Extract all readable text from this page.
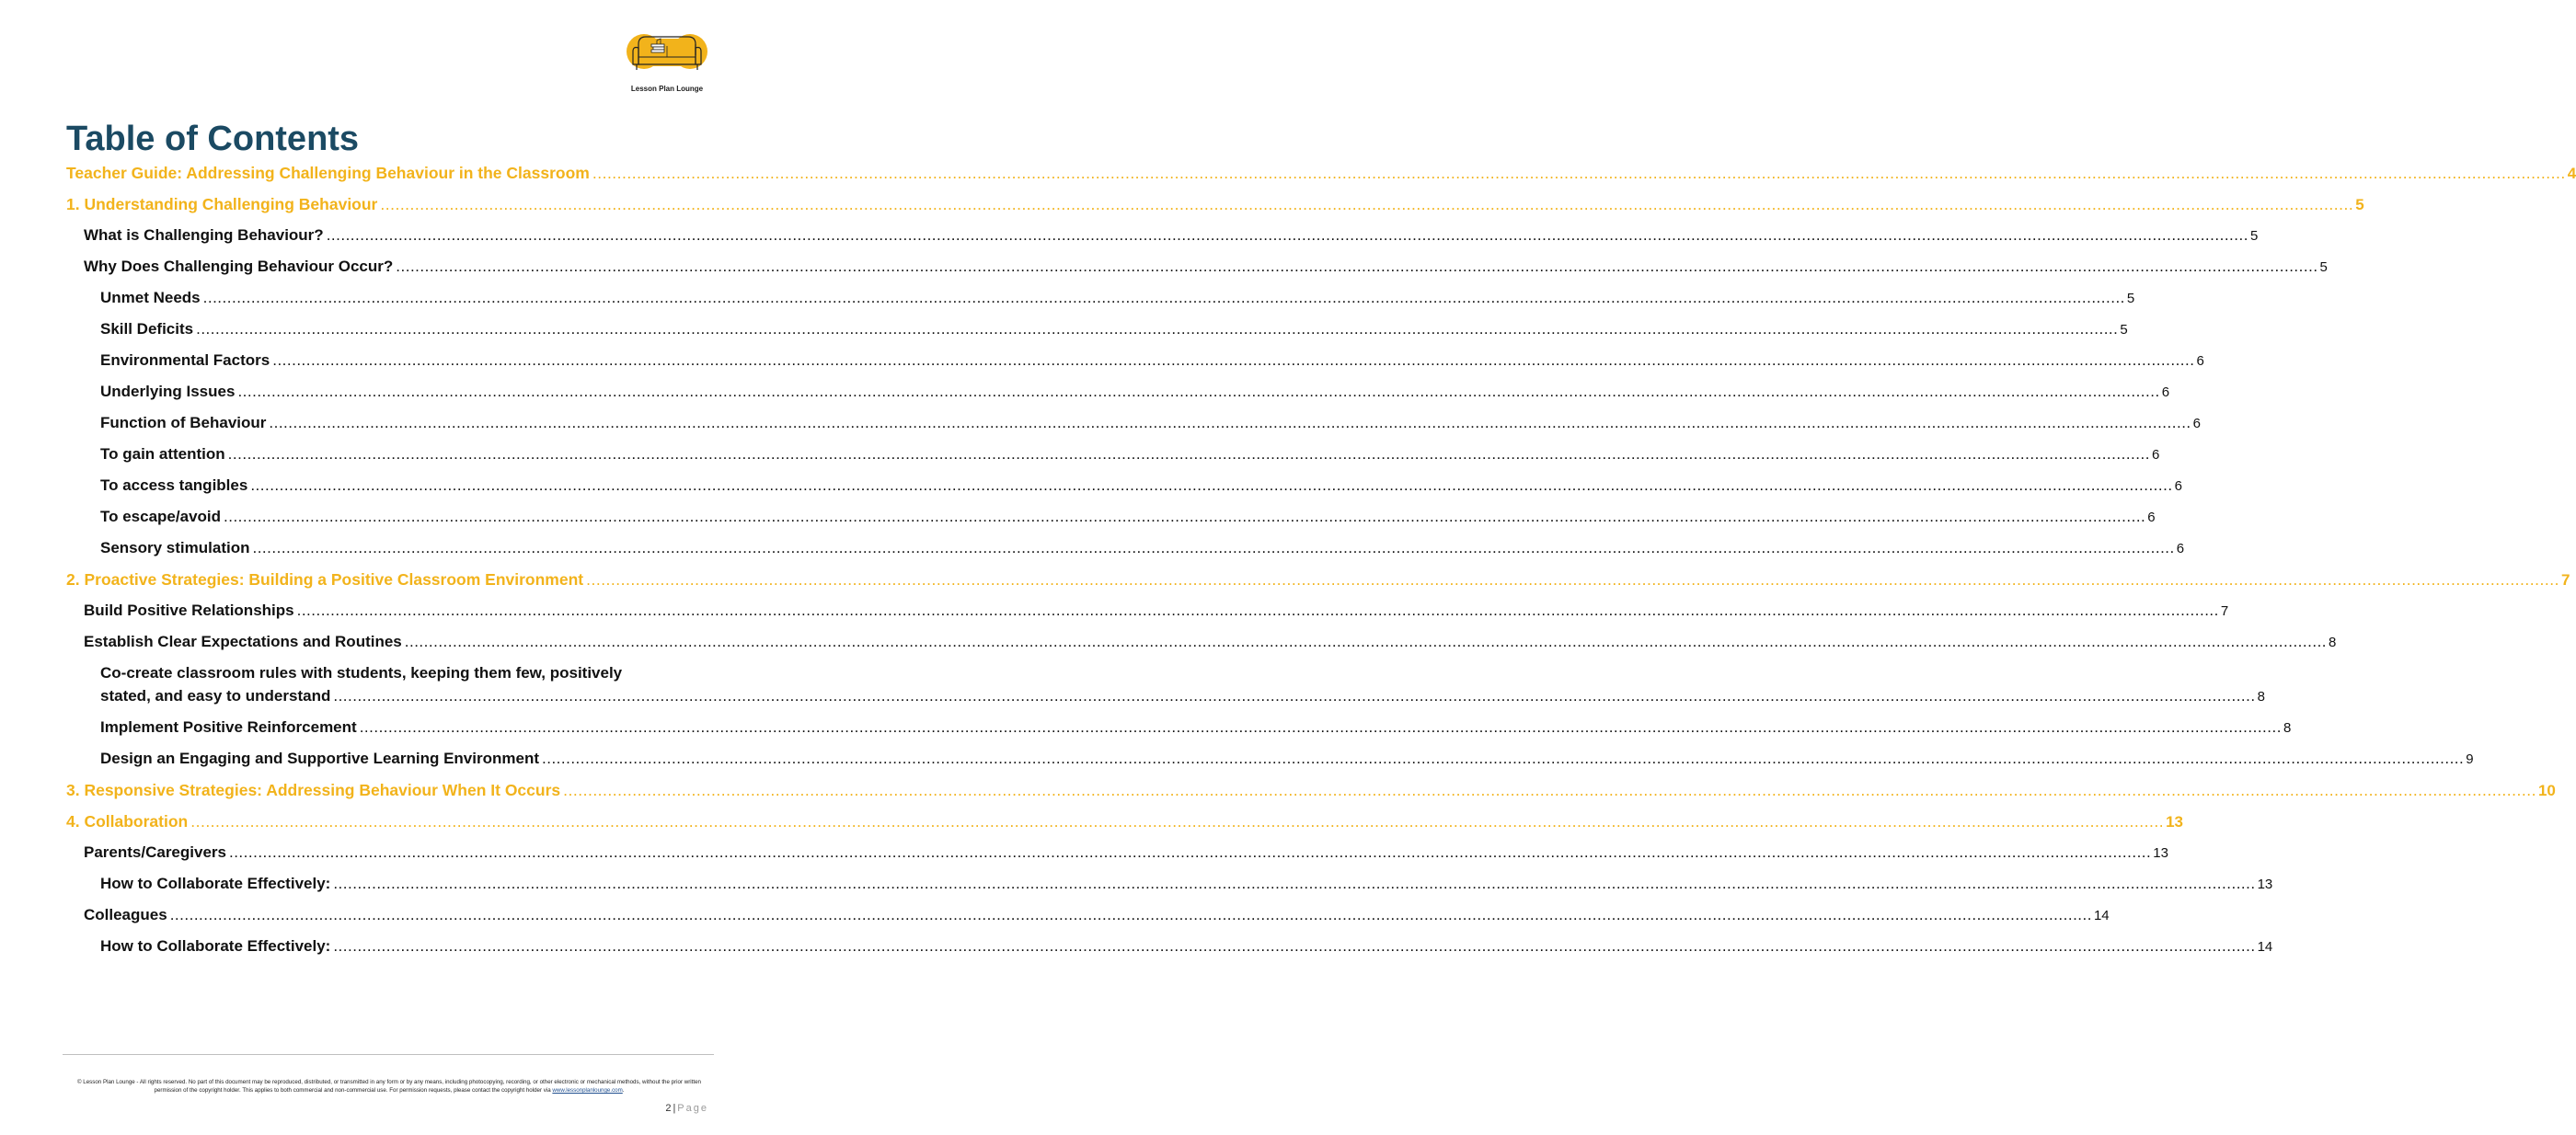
Lesson Plan Lounge
Table of Contents
Teacher Guide: Addressing Challenging Behaviour in the Classroom ................................................................................................................................................................................................................................................................................................................................................................................................................ 4
1. Understanding Challenging Behaviour ................................................................................................................................................................................................................................................................................................................................................................................................................ 5
What is Challenging Behaviour? ................................................................................................................................................................................................................................................................................................................................................................................................................ 5
Why Does Challenging Behaviour Occur? ................................................................................................................................................................................................................................................................................................................................................................................................................ 5
Unmet Needs ................................................................................................................................................................................................................................................................................................................................................................................................................ 5
Skill Deficits ................................................................................................................................................................................................................................................................................................................................................................................................................ 5
Environmental Factors ................................................................................................................................................................................................................................................................................................................................................................................................................ 6
Underlying Issues ................................................................................................................................................................................................................................................................................................................................................................................................................ 6
Function of Behaviour ................................................................................................................................................................................................................................................................................................................................................................................................................ 6
To gain attention ................................................................................................................................................................................................................................................................................................................................................................................................................ 6
To access tangibles ................................................................................................................................................................................................................................................................................................................................................................................................................ 6
To escape/avoid ................................................................................................................................................................................................................................................................................................................................................................................................................ 6
Sensory stimulation ................................................................................................................................................................................................................................................................................................................................................................................................................ 6
2. Proactive Strategies: Building a Positive Classroom Environment ................................................................................................................................................................................................................................................................................................................................................................................................................ 7
Build Positive Relationships ................................................................................................................................................................................................................................................................................................................................................................................................................ 7
Establish Clear Expectations and Routines ................................................................................................................................................................................................................................................................................................................................................................................................................ 8
Co-create classroom rules with students, keeping them few, positively
stated, and easy to understand ................................................................................................................................................................................................................................................................................................................................................................................................................ 8
Implement Positive Reinforcement ................................................................................................................................................................................................................................................................................................................................................................................................................ 8
Design an Engaging and Supportive Learning Environment ................................................................................................................................................................................................................................................................................................................................................................................................................ 9
3. Responsive Strategies: Addressing Behaviour When It Occurs ................................................................................................................................................................................................................................................................................................................................................................................................................ 10
4. Collaboration ................................................................................................................................................................................................................................................................................................................................................................................................................ 13
Parents/Caregivers ................................................................................................................................................................................................................................................................................................................................................................................................................ 13
How to Collaborate Effectively: ................................................................................................................................................................................................................................................................................................................................................................................................................ 13
Colleagues ................................................................................................................................................................................................................................................................................................................................................................................................................ 14
How to Collaborate Effectively: ................................................................................................................................................................................................................................................................................................................................................................................................................ 14
© Lesson Plan Lounge - All rights reserved. No part of this document may be reproduced, distributed, or transmitted in any form or by any means, including photocopying, recording, or other electronic or mechanical methods, without the prior written permission of the copyright holder. This applies to both commercial and non-commercial use. For permission requests, please contact the copyright holder via www.lessonplanlounge.com.
2|Page
